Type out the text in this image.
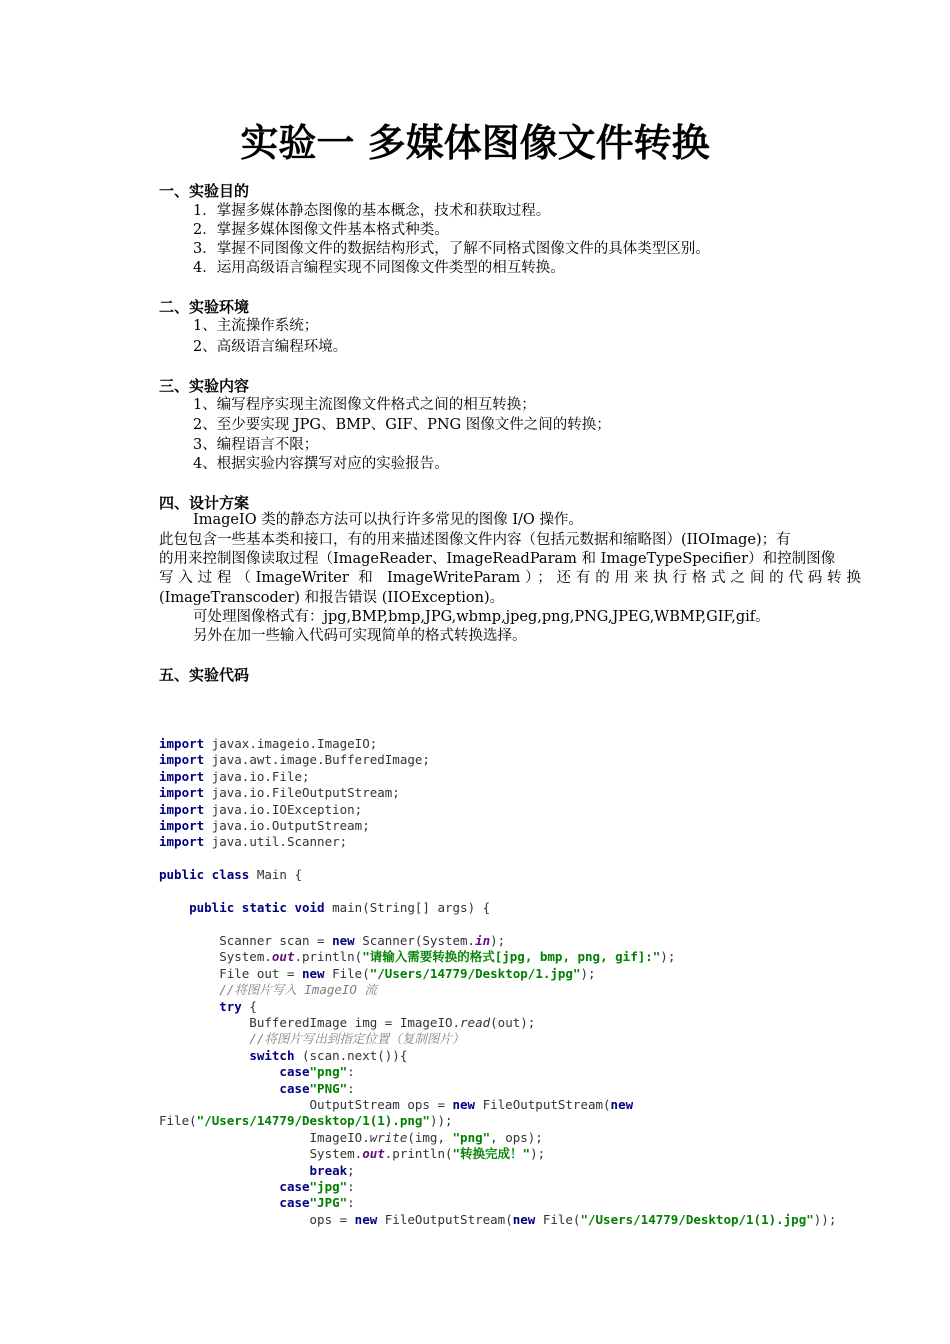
实验一 多媒体图像文件转换
一、实验目的
1．掌握多媒体静态图像的基本概念，技术和获取过程。
2．掌握多媒体图像文件基本格式种类。
3．掌握不同图像文件的数据结构形式，了解不同格式图像文件的具体类型区别。
4．运用高级语言编程实现不同图像文件类型的相互转换。
二、实验环境
1、主流操作系统；
2、高级语言编程环境。
三、实验内容
1、编写程序实现主流图像文件格式之间的相互转换；
2、至少要实现 JPG、BMP、GIF、PNG 图像文件之间的转换；
3、编程语言不限；
4、根据实验内容撰写对应的实验报告。
四、设计方案
ImageIO 类的静态方法可以执行许多常见的图像 I/O 操作。
此包包含一些基本类和接口，有的用来描述图像文件内容（包括元数据和缩略图）(IIOImage)；有
的用来控制图像读取过程（ImageReader、ImageReadParam 和 ImageTypeSpecifier）和控制图像
写入过程（ImageWriter 和 ImageWriteParam）；还有的用来执行格式之间的代码转换
(ImageTranscoder) 和报告错误 (IIOException)。
可处理图像格式有：jpg,BMP,bmp,JPG,wbmp,jpeg,png,PNG,JPEG,WBMP,GIF,gif。
另外在加一些输入代码可实现简单的格式转换选择。
五、实验代码
import javax.imageio.ImageIO;
import java.awt.image.BufferedImage;
import java.io.File;
import java.io.FileOutputStream;
import java.io.IOException;
import java.io.OutputStream;
import java.util.Scanner;

public class Main {

public static void main(String[] args) {

Scanner scan = new Scanner(System.in);
System.out.println("请输入需要转换的格式[jpg, bmp, png, gif]:");
File out = new File("/Users/14779/Desktop/1.jpg");
//将图片写入 ImageIO 流
try {
BufferedImage img = ImageIO.read(out);
//将图片写出到指定位置（复制图片）
switch (scan.next()){
case"png":
case"PNG":
OutputStream ops = new FileOutputStream(new
File("/Users/14779/Desktop/1(1).png"));
ImageIO.write(img, "png", ops);
System.out.println("转换完成！");
break;
case"jpg":
case"JPG":
ops = new FileOutputStream(new File("/Users/14779/Desktop/1(1).jpg"));
